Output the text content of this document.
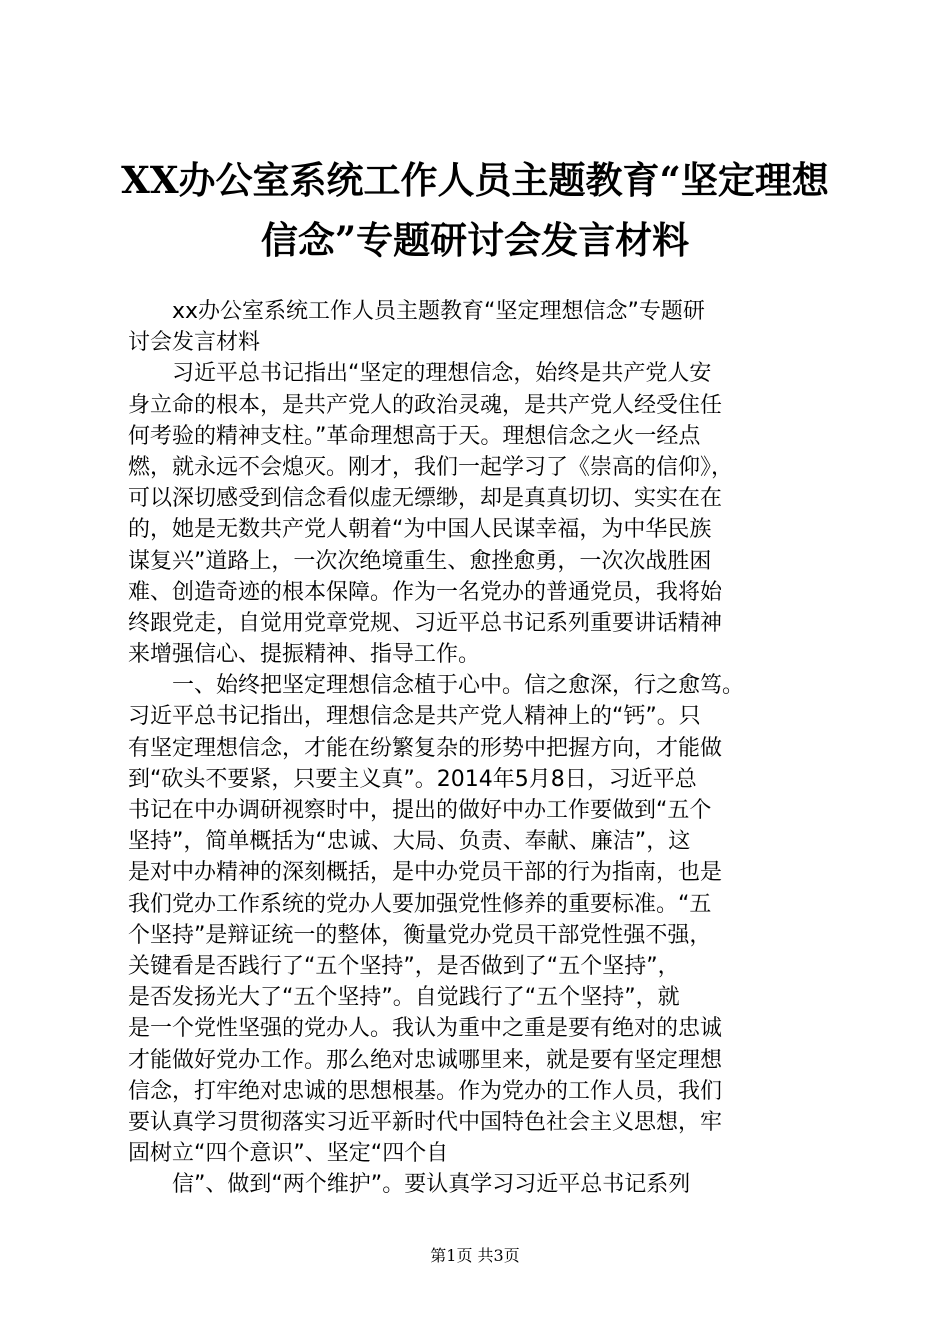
XX办公室系统工作人员主题教育“坚定理想
信念”专题研讨会发言材料
xx办公室系统工作人员主题教育“坚定理想信念”专题研
讨会发言材料
习近平总书记指出“坚定的理想信念，始终是共产党人安
身立命的根本，是共产党人的政治灵魂，是共产党人经受住任
何考验的精神支柱。”革命理想高于天。理想信念之火一经点
燃，就永远不会熄灭。刚才，我们一起学习了《崇高的信仰》，
可以深切感受到信念看似虚无缥缈，却是真真切切、实实在在
的，她是无数共产党人朝着“为中国人民谋幸福，为中华民族
谋复兴”道路上，一次次绝境重生、愈挫愈勇，一次次战胜困
难、创造奇迹的根本保障。作为一名党办的普通党员，我将始
终跟党走，自觉用党章党规、习近平总书记系列重要讲话精神
来增强信心、提振精神、指导工作。
一、始终把坚定理想信念植于心中。信之愈深，行之愈笃。
习近平总书记指出，理想信念是共产党人精神上的“钙”。只
有坚定理想信念，才能在纷繁复杂的形势中把握方向，才能做
到“砍头不要紧，只要主义真”。2014年5月8日，习近平总
书记在中办调研视察时中，提出的做好中办工作要做到“五个
坚持”，简单概括为“忠诚、大局、负责、奉献、廉洁”，这
是对中办精神的深刻概括，是中办党员干部的行为指南，也是
我们党办工作系统的党办人要加强党性修养的重要标准。“五
个坚持”是辩证统一的整体，衡量党办党员干部党性强不强，
关键看是否践行了“五个坚持”，是否做到了“五个坚持”，
是否发扬光大了“五个坚持”。自觉践行了“五个坚持”，就
是一个党性坚强的党办人。我认为重中之重是要有绝对的忠诚
才能做好党办工作。那么绝对忠诚哪里来，就是要有坚定理想
信念，打牢绝对忠诚的思想根基。作为党办的工作人员，我们
要认真学习贯彻落实习近平新时代中国特色社会主义思想，牢
固树立“四个意识”、坚定“四个自
信”、做到“两个维护”。要认真学习习近平总书记系列
第1页 共3页
